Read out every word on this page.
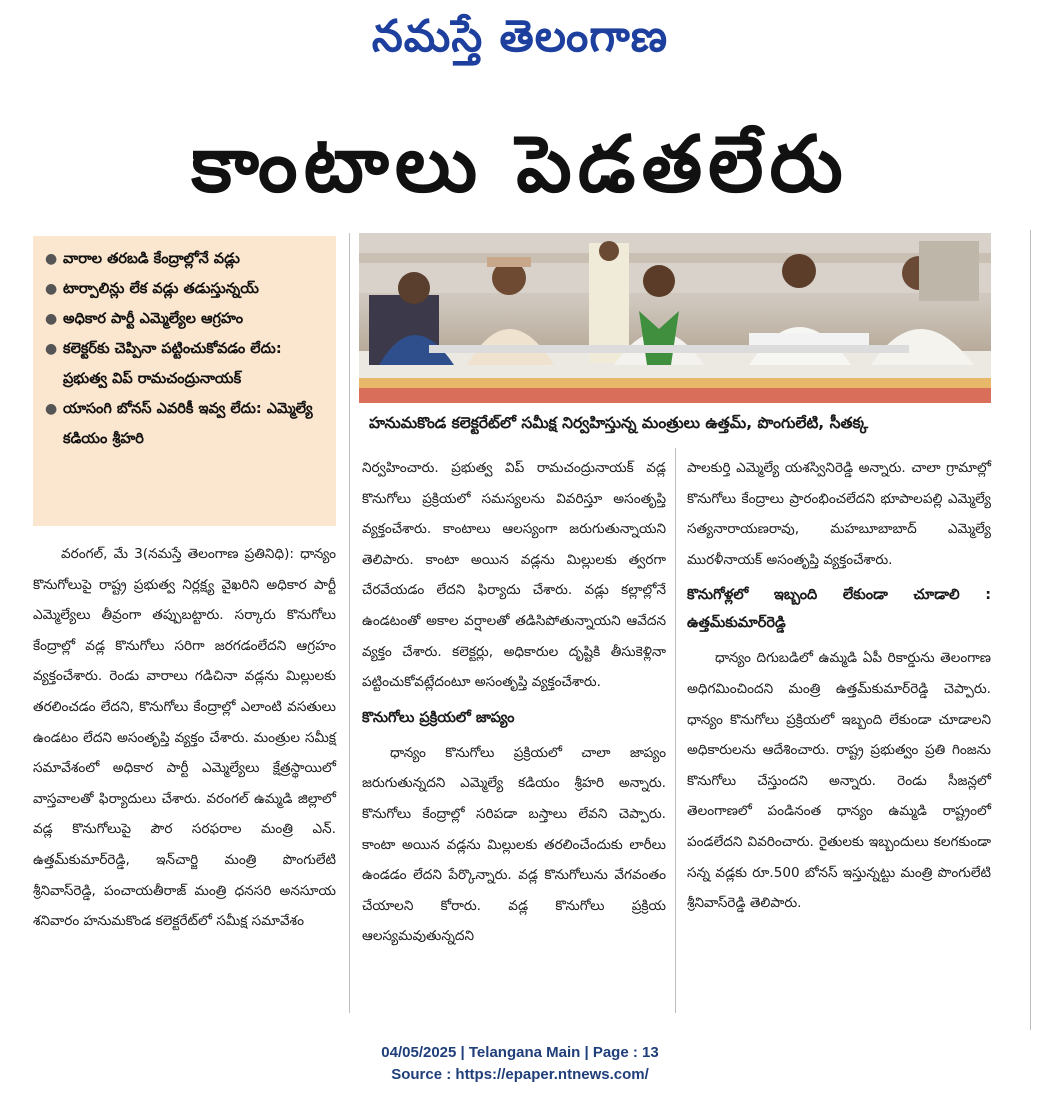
నమస్తే తెలంగాణ
కాంటాలు పెడతలేరు
● వారాల తరబడి కేంద్రాల్లోనే వడ్లు
● టార్పాలిన్లు లేక వడ్లు తడుస్తున్నయ్
● అధికార పార్టీ ఎమ్మెల్యేల ఆగ్రహం
● కలెక్టర్‌కు చెప్పినా పట్టించుకోవడం లేదు: ప్రభుత్వ విప్ రామచంద్రునాయక్
● యాసంగి బోనస్ ఎవరికీ ఇవ్వ లేదు: ఎమ్మెల్యే కడియం శ్రీహరి
హనుమకొండ కలెక్టరేట్‌లో సమీక్ష నిర్వహిస్తున్న మంత్రులు ఉత్తమ్, పొంగులేటి, సీతక్క

వరంగల్, మే 3(నమస్తే తెలంగాణ ప్రతినిధి): ధాన్యం కొనుగోలుపై రాష్ట్ర ప్రభుత్వ నిర్లక్ష్య వైఖరిని అధికార పార్టీ ఎమ్మెల్యేలు తీవ్రంగా తప్పుబట్టారు. సర్కారు కొనుగోలు కేంద్రాల్లో వడ్ల కొనుగోలు సరిగా జరగడంలేదని ఆగ్రహం వ్యక్తంచేశారు. రెండు వారాలు గడిచినా వడ్లను మిల్లులకు తరలించడం లేదని, కొనుగోలు కేంద్రాల్లో ఎలాంటి వసతులు ఉండటం లేదని అసంతృప్తి వ్యక్తం చేశారు. మంత్రుల సమీక్ష సమావేశంలో అధికార పార్టీ ఎమ్మెల్యేలు క్షేత్రస్థాయిలో వాస్తవాలతో ఫిర్యాదులు చేశారు. వరంగల్ ఉమ్మడి జిల్లాలో వడ్ల కొనుగోలుపై పౌర సరఫరాల మంత్రి ఎన్. ఉత్తమ్‌కుమార్‌రెడ్డి, ఇన్‌చార్జి మంత్రి పొంగులేటి శ్రీనివాస్‌రెడ్డి, పంచాయతీరాజ్ మంత్రి ధనసరి అనసూయ శనివారం హనుమకొండ కలెక్టరేట్‌లో సమీక్ష సమావేశం

నిర్వహించారు. ప్రభుత్వ విప్ రామచంద్రునాయక్ వడ్ల కొనుగోలు ప్రక్రియలో సమస్యలను వివరిస్తూ అసంతృప్తి వ్యక్తంచేశారు. కాంటాలు ఆలస్యంగా జరుగుతున్నాయని తెలిపారు. కాంటా అయిన వడ్లను మిల్లులకు త్వరగా చేరవేయడం లేదని ఫిర్యాదు చేశారు. వడ్లు కల్లాల్లోనే ఉండటంతో అకాల వర్షాలతో తడిసిపోతున్నాయని ఆవేదన వ్యక్తం చేశారు. కలెక్టర్లు, అధికారుల దృష్టికి తీసుకెళ్లినా పట్టించుకోవట్లేదంటూ అసంతృప్తి వ్యక్తంచేశారు.

కొనుగోలు ప్రక్రియలో జాప్యం

ధాన్యం కొనుగోలు ప్రక్రియలో చాలా జాప్యం జరుగుతున్నదని ఎమ్మెల్యే కడియం శ్రీహరి అన్నారు. కొనుగోలు కేంద్రాల్లో సరిపడా బస్తాలు లేవని చెప్పారు. కాంటా అయిన వడ్లను మిల్లులకు తరలించేందుకు లారీలు ఉండడం లేదని పేర్కొన్నారు. వడ్ల కొనుగోలును వేగవంతం చేయాలని కోరారు. వడ్ల కొనుగోలు ప్రక్రియ ఆలస్యమవుతున్నదని

పాలకుర్తి ఎమ్మెల్యే యశస్వినిరెడ్డి అన్నారు. చాలా గ్రామాల్లో కొనుగోలు కేంద్రాలు ప్రారంభించలేదని భూపాలపల్లి ఎమ్మెల్యే సత్యనారాయణరావు, మహబూబాబాద్ ఎమ్మెల్యే మురళీనాయక్ అసంతృప్తి వ్యక్తంచేశారు.

కొనుగోళ్లలో ఇబ్బంది లేకుండా చూడాలి : ఉత్తమ్‌కుమార్‌రెడ్డి

ధాన్యం దిగుబడిలో ఉమ్మడి ఏపీ రికార్డును తెలంగాణ అధిగమించిందని మంత్రి ఉత్తమ్‌కుమార్‌రెడ్డి చెప్పారు. ధాన్యం కొనుగోలు ప్రక్రియలో ఇబ్బంది లేకుండా చూడాలని అధికారులను ఆదేశించారు. రాష్ట్ర ప్రభుత్వం ప్రతి గింజను కొనుగోలు చేస్తుందని అన్నారు. రెండు సీజన్లలో తెలంగాణలో పండినంత ధాన్యం ఉమ్మడి రాష్ట్రంలో పండలేదని వివరించారు. రైతులకు ఇబ్బందులు కలగకుండా సన్న వడ్లకు రూ.500 బోనస్ ఇస్తున్నట్టు మంత్రి పొంగులేటి శ్రీనివాస్‌రెడ్డి తెలిపారు.

04/05/2025 | Telangana Main | Page : 13
Source : https://epaper.ntnews.com/
